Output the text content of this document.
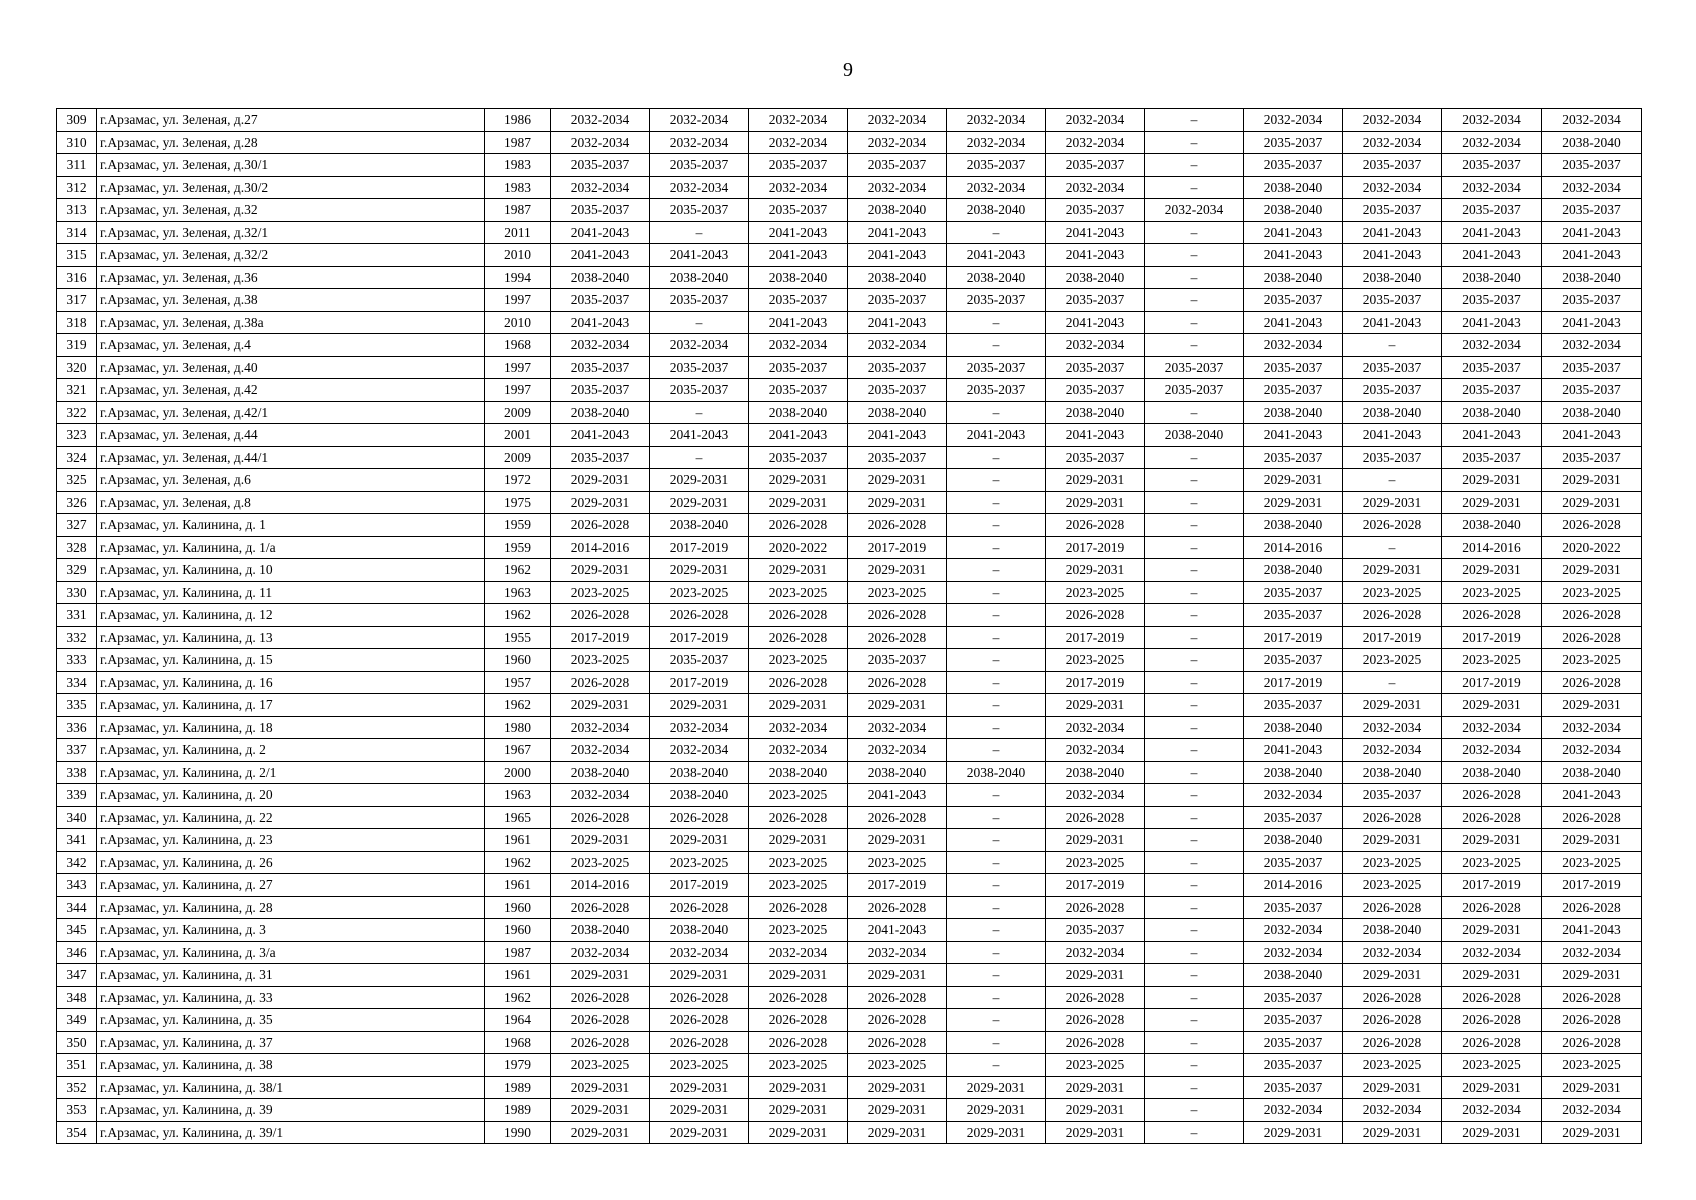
9
309	г.Арзамас, ул. Зеленая, д.27	1986	2032-2034	2032-2034	2032-2034	2032-2034	2032-2034	2032-2034	–	2032-2034	2032-2034	2032-2034	2032-2034
310	г.Арзамас, ул. Зеленая, д.28	1987	2032-2034	2032-2034	2032-2034	2032-2034	2032-2034	2032-2034	–	2035-2037	2032-2034	2032-2034	2038-2040
311	г.Арзамас, ул. Зеленая, д.30/1	1983	2035-2037	2035-2037	2035-2037	2035-2037	2035-2037	2035-2037	–	2035-2037	2035-2037	2035-2037	2035-2037
312	г.Арзамас, ул. Зеленая, д.30/2	1983	2032-2034	2032-2034	2032-2034	2032-2034	2032-2034	2032-2034	–	2038-2040	2032-2034	2032-2034	2032-2034
313	г.Арзамас, ул. Зеленая, д.32	1987	2035-2037	2035-2037	2035-2037	2038-2040	2038-2040	2035-2037	2032-2034	2038-2040	2035-2037	2035-2037	2035-2037
314	г.Арзамас, ул. Зеленая, д.32/1	2011	2041-2043	–	2041-2043	2041-2043	–	2041-2043	–	2041-2043	2041-2043	2041-2043	2041-2043
315	г.Арзамас, ул. Зеленая, д.32/2	2010	2041-2043	2041-2043	2041-2043	2041-2043	2041-2043	2041-2043	–	2041-2043	2041-2043	2041-2043	2041-2043
316	г.Арзамас, ул. Зеленая, д.36	1994	2038-2040	2038-2040	2038-2040	2038-2040	2038-2040	2038-2040	–	2038-2040	2038-2040	2038-2040	2038-2040
317	г.Арзамас, ул. Зеленая, д.38	1997	2035-2037	2035-2037	2035-2037	2035-2037	2035-2037	2035-2037	–	2035-2037	2035-2037	2035-2037	2035-2037
318	г.Арзамас, ул. Зеленая, д.38а	2010	2041-2043	–	2041-2043	2041-2043	–	2041-2043	–	2041-2043	2041-2043	2041-2043	2041-2043
319	г.Арзамас, ул. Зеленая, д.4	1968	2032-2034	2032-2034	2032-2034	2032-2034	–	2032-2034	–	2032-2034	–	2032-2034	2032-2034
320	г.Арзамас, ул. Зеленая, д.40	1997	2035-2037	2035-2037	2035-2037	2035-2037	2035-2037	2035-2037	2035-2037	2035-2037	2035-2037	2035-2037	2035-2037
321	г.Арзамас, ул. Зеленая, д.42	1997	2035-2037	2035-2037	2035-2037	2035-2037	2035-2037	2035-2037	2035-2037	2035-2037	2035-2037	2035-2037	2035-2037
322	г.Арзамас, ул. Зеленая, д.42/1	2009	2038-2040	–	2038-2040	2038-2040	–	2038-2040	–	2038-2040	2038-2040	2038-2040	2038-2040
323	г.Арзамас, ул. Зеленая, д.44	2001	2041-2043	2041-2043	2041-2043	2041-2043	2041-2043	2041-2043	2038-2040	2041-2043	2041-2043	2041-2043	2041-2043
324	г.Арзамас, ул. Зеленая, д.44/1	2009	2035-2037	–	2035-2037	2035-2037	–	2035-2037	–	2035-2037	2035-2037	2035-2037	2035-2037
325	г.Арзамас, ул. Зеленая, д.6	1972	2029-2031	2029-2031	2029-2031	2029-2031	–	2029-2031	–	2029-2031	–	2029-2031	2029-2031
326	г.Арзамас, ул. Зеленая, д.8	1975	2029-2031	2029-2031	2029-2031	2029-2031	–	2029-2031	–	2029-2031	2029-2031	2029-2031	2029-2031
327	г.Арзамас, ул. Калинина, д. 1	1959	2026-2028	2038-2040	2026-2028	2026-2028	–	2026-2028	–	2038-2040	2026-2028	2038-2040	2026-2028
328	г.Арзамас, ул. Калинина, д. 1/а	1959	2014-2016	2017-2019	2020-2022	2017-2019	–	2017-2019	–	2014-2016	–	2014-2016	2020-2022
329	г.Арзамас, ул. Калинина, д. 10	1962	2029-2031	2029-2031	2029-2031	2029-2031	–	2029-2031	–	2038-2040	2029-2031	2029-2031	2029-2031
330	г.Арзамас, ул. Калинина, д. 11	1963	2023-2025	2023-2025	2023-2025	2023-2025	–	2023-2025	–	2035-2037	2023-2025	2023-2025	2023-2025
331	г.Арзамас, ул. Калинина, д. 12	1962	2026-2028	2026-2028	2026-2028	2026-2028	–	2026-2028	–	2035-2037	2026-2028	2026-2028	2026-2028
332	г.Арзамас, ул. Калинина, д. 13	1955	2017-2019	2017-2019	2026-2028	2026-2028	–	2017-2019	–	2017-2019	2017-2019	2017-2019	2026-2028
333	г.Арзамас, ул. Калинина, д. 15	1960	2023-2025	2035-2037	2023-2025	2035-2037	–	2023-2025	–	2035-2037	2023-2025	2023-2025	2023-2025
334	г.Арзамас, ул. Калинина, д. 16	1957	2026-2028	2017-2019	2026-2028	2026-2028	–	2017-2019	–	2017-2019	–	2017-2019	2026-2028
335	г.Арзамас, ул. Калинина, д. 17	1962	2029-2031	2029-2031	2029-2031	2029-2031	–	2029-2031	–	2035-2037	2029-2031	2029-2031	2029-2031
336	г.Арзамас, ул. Калинина, д. 18	1980	2032-2034	2032-2034	2032-2034	2032-2034	–	2032-2034	–	2038-2040	2032-2034	2032-2034	2032-2034
337	г.Арзамас, ул. Калинина, д. 2	1967	2032-2034	2032-2034	2032-2034	2032-2034	–	2032-2034	–	2041-2043	2032-2034	2032-2034	2032-2034
338	г.Арзамас, ул. Калинина, д. 2/1	2000	2038-2040	2038-2040	2038-2040	2038-2040	2038-2040	2038-2040	–	2038-2040	2038-2040	2038-2040	2038-2040
339	г.Арзамас, ул. Калинина, д. 20	1963	2032-2034	2038-2040	2023-2025	2041-2043	–	2032-2034	–	2032-2034	2035-2037	2026-2028	2041-2043
340	г.Арзамас, ул. Калинина, д. 22	1965	2026-2028	2026-2028	2026-2028	2026-2028	–	2026-2028	–	2035-2037	2026-2028	2026-2028	2026-2028
341	г.Арзамас, ул. Калинина, д. 23	1961	2029-2031	2029-2031	2029-2031	2029-2031	–	2029-2031	–	2038-2040	2029-2031	2029-2031	2029-2031
342	г.Арзамас, ул. Калинина, д. 26	1962	2023-2025	2023-2025	2023-2025	2023-2025	–	2023-2025	–	2035-2037	2023-2025	2023-2025	2023-2025
343	г.Арзамас, ул. Калинина, д. 27	1961	2014-2016	2017-2019	2023-2025	2017-2019	–	2017-2019	–	2014-2016	2023-2025	2017-2019	2017-2019
344	г.Арзамас, ул. Калинина, д. 28	1960	2026-2028	2026-2028	2026-2028	2026-2028	–	2026-2028	–	2035-2037	2026-2028	2026-2028	2026-2028
345	г.Арзамас, ул. Калинина, д. 3	1960	2038-2040	2038-2040	2023-2025	2041-2043	–	2035-2037	–	2032-2034	2038-2040	2029-2031	2041-2043
346	г.Арзамас, ул. Калинина, д. 3/а	1987	2032-2034	2032-2034	2032-2034	2032-2034	–	2032-2034	–	2032-2034	2032-2034	2032-2034	2032-2034
347	г.Арзамас, ул. Калинина, д. 31	1961	2029-2031	2029-2031	2029-2031	2029-2031	–	2029-2031	–	2038-2040	2029-2031	2029-2031	2029-2031
348	г.Арзамас, ул. Калинина, д. 33	1962	2026-2028	2026-2028	2026-2028	2026-2028	–	2026-2028	–	2035-2037	2026-2028	2026-2028	2026-2028
349	г.Арзамас, ул. Калинина, д. 35	1964	2026-2028	2026-2028	2026-2028	2026-2028	–	2026-2028	–	2035-2037	2026-2028	2026-2028	2026-2028
350	г.Арзамас, ул. Калинина, д. 37	1968	2026-2028	2026-2028	2026-2028	2026-2028	–	2026-2028	–	2035-2037	2026-2028	2026-2028	2026-2028
351	г.Арзамас, ул. Калинина, д. 38	1979	2023-2025	2023-2025	2023-2025	2023-2025	–	2023-2025	–	2035-2037	2023-2025	2023-2025	2023-2025
352	г.Арзамас, ул. Калинина, д. 38/1	1989	2029-2031	2029-2031	2029-2031	2029-2031	2029-2031	2029-2031	–	2035-2037	2029-2031	2029-2031	2029-2031
353	г.Арзамас, ул. Калинина, д. 39	1989	2029-2031	2029-2031	2029-2031	2029-2031	2029-2031	2029-2031	–	2032-2034	2032-2034	2032-2034	2032-2034
354	г.Арзамас, ул. Калинина, д. 39/1	1990	2029-2031	2029-2031	2029-2031	2029-2031	2029-2031	2029-2031	–	2029-2031	2029-2031	2029-2031	2029-2031
